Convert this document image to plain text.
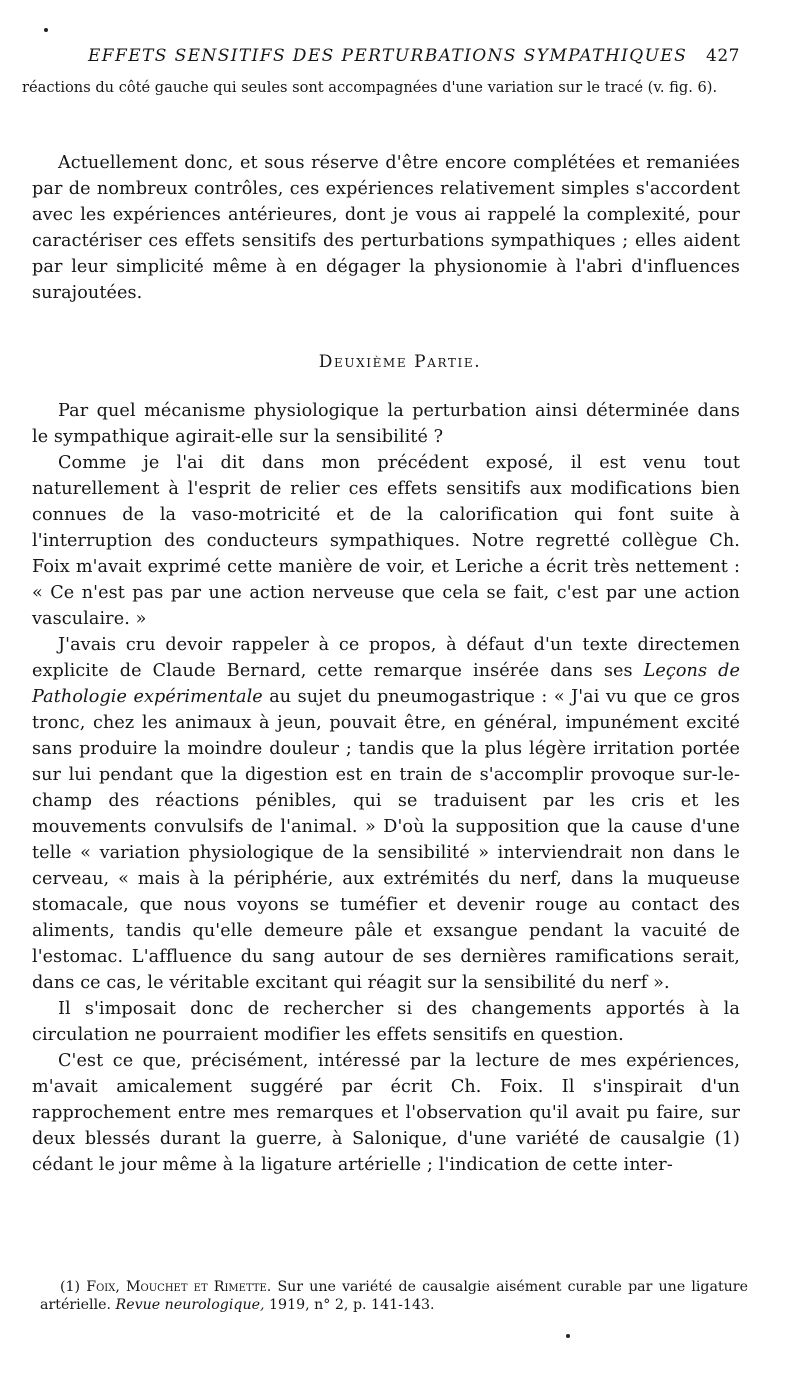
EFFETS SENSITIFS DES PERTURBATIONS SYMPATHIQUES 427
réactions du côté gauche qui seules sont accompagnées d'une variation sur le tracé (v. fig. 6).

Actuellement donc, et sous réserve d'être encore complétées et remaniées par de nombreux contrôles, ces expériences relativement simples s'accordent avec les expériences antérieures, dont je vous ai rappelé la complexité, pour caractériser ces effets sensitifs des perturbations sympathiques ; elles aident par leur simplicité même à en dégager la physionomie à l'abri d'influences surajoutées.

Deuxième Partie.

Par quel mécanisme physiologique la perturbation ainsi déterminée dans le sympathique agirait-elle sur la sensibilité ?

Comme je l'ai dit dans mon précédent exposé, il est venu tout naturellement à l'esprit de relier ces effets sensitifs aux modifications bien connues de la vaso-motricité et de la calorification qui font suite à l'interruption des conducteurs sympathiques. Notre regretté collègue Ch. Foix m'avait exprimé cette manière de voir, et Leriche a écrit très nettement : « Ce n'est pas par une action nerveuse que cela se fait, c'est par une action vasculaire. »

J'avais cru devoir rappeler à ce propos, à défaut d'un texte directemen explicite de Claude Bernard, cette remarque insérée dans ses Leçons de Pathologie expérimentale au sujet du pneumogastrique : « J'ai vu que ce gros tronc, chez les animaux à jeun, pouvait être, en général, impunément excité sans produire la moindre douleur ; tandis que la plus légère irritation portée sur lui pendant que la digestion est en train de s'accomplir provoque sur-le-champ des réactions pénibles, qui se traduisent par les cris et les mouvements convulsifs de l'animal. » D'où la supposition que la cause d'une telle « variation physiologique de la sensibilité » interviendrait non dans le cerveau, « mais à la périphérie, aux extrémités du nerf, dans la muqueuse stomacale, que nous voyons se tuméfier et devenir rouge au contact des aliments, tandis qu'elle demeure pâle et exsangue pendant la vacuité de l'estomac. L'affluence du sang autour de ses dernières ramifications serait, dans ce cas, le véritable excitant qui réagit sur la sensibilité du nerf ».

Il s'imposait donc de rechercher si des changements apportés à la circulation ne pourraient modifier les effets sensitifs en question.

C'est ce que, précisément, intéressé par la lecture de mes expériences, m'avait amicalement suggéré par écrit Ch. Foix. Il s'inspirait d'un rapprochement entre mes remarques et l'observation qu'il avait pu faire, sur deux blessés durant la guerre, à Salonique, d'une variété de causalgie (1) cédant le jour même à la ligature artérielle ; l'indication de cette inter-

(1) Foix, Mouchet et Rimette. Sur une variété de causalgie aisément curable par une ligature artérielle. Revue neurologique, 1919, n° 2, p. 141-143.
